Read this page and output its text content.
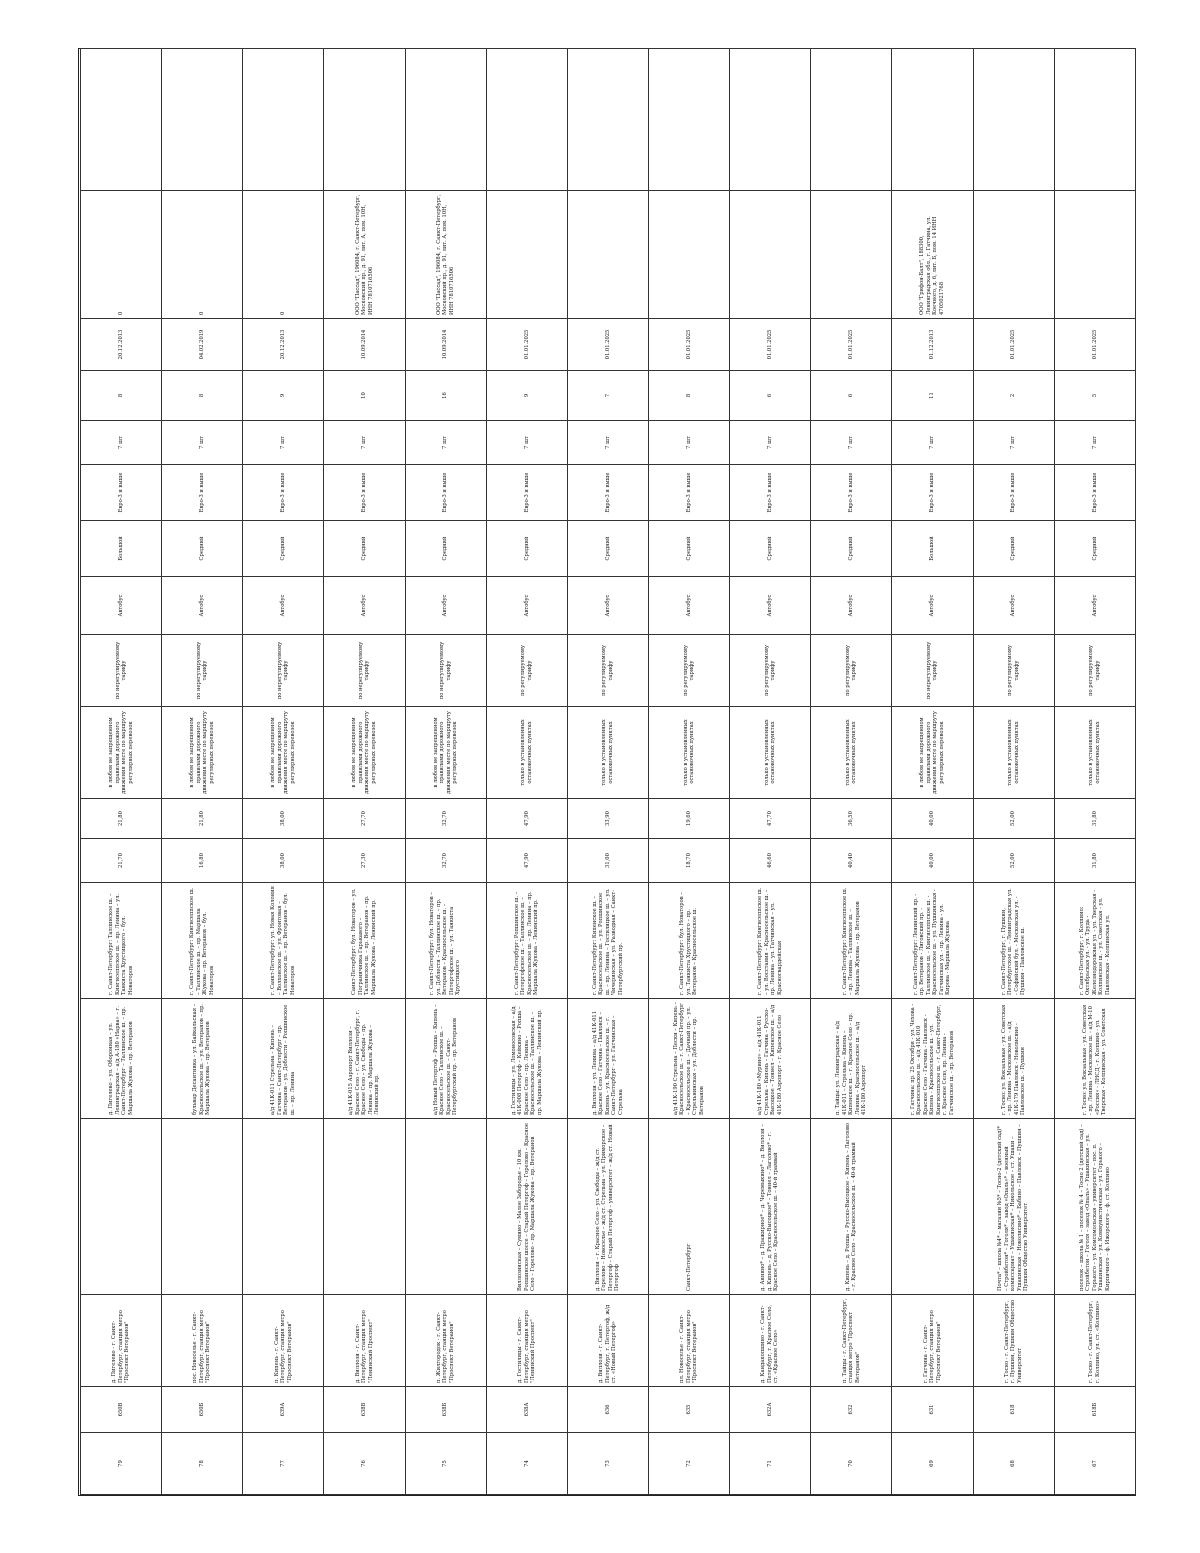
79	650В	д. Пигелево - г. Санкт-Петербург, станция метро "Проспект Ветеранов"		д. Пигелево – ул. Оборонная – ул. Ленинградская – а/д А-180 «Нарва» – г. Санкт-Петербург – Таллинское ш. – пр. Маршала Жукова – пр. Ветеранов	г. Санкт-Петербург: Таллинское ш. – Кингисеппское ш. – пр. Ленина – ул. Танкиста Хрустицкого – бул. Новаторов	21,70	21,80	в любом не запрещенном правилами дорожного движения месте по маршруту регулярных перевозок	по нерегулируемому тарифу	Автобус	Большой	Евро-3 и выше	7 шт	8	20.12.2013	0	
78	650Б	пос. Новоселье - г. Санкт-Петербург, станция метро "Проспект Ветеранов"		бульвар Десантника – ул. Байкальская – Красносельское ш. – ул. Ветеранов – пр. Маршала Жукова – пр. Ветеранов	г. Санкт-Петербург: Кингисеппское ш. – Таллинское ш. – пр. Маршала Жукова – пр. Ветеранов – бул. Новаторов	16,80	21,80	в любом не запрещенном правилами дорожного движения месте по маршруту регулярных перевозок	по нерегулируемому тарифу	Автобус	Средний	Евро-3 и выше	7 шт	8	04.02.2019	0	
77	639А	п. Кипень - г. Санкт-Петербург, станция метро "Проспект Ветеранов"		а/д 41К-011 Стрельна – Кипень – Гатчина – Санкт-Петербург – пр. Ветеранов – ул. Доблести – Ропшинское ш. – пр. Ленина	г. Санкт-Петербург: ул. Новая Колония – Волхонское ш. – ул. Фронтовая – Таллинское ш. – пр. Ветеранов – бул. Новаторов	38,00	38,00	в любом не запрещенном правилами дорожного движения месте по маршруту регулярных перевозок	по нерегулируемому тарифу	Автобус	Средний	Евро-3 и выше	7 шт	9	20.12.2013	0	
76	638В	д. Виллози - г. Санкт-Петербург, станция метро "Ленинский Проспект"		а/д 41К-015 Аэропорт Виллози – Красное Село – г. Санкт-Петербург, г. Красное Село – ул. Свободы – пр. Ленина – пр. Маршала Жукова – Ленинский пр.	Санкт-Петербург: бул. Новаторов – ул. Пограничника Гарькавого – Таллинское ш. – пр. Ветеранов – пр. Маршала Жукова – Ленинский пр.	27,30	27,70	в любом не запрещенном правилами дорожного движения месте по маршруту регулярных перевозок	по нерегулируемому тарифу	Автобус	Средний	Евро-3 и выше	7 шт	10	10.09.2014	ООО "Пассад", 196084, г. Санкт-Петербург, Московский пр., д. 91, лит. А, пом. 10Н, ИНН 7810716506	
75	638Б	п. Жилгородок - г. Санкт-Петербург, станция метро "Проспект Ветеранов"		а/д Новый Петергоф – Ропша – Кипень – Красное Село – Таллинское ш. – Красносельское ш. – Санкт-Петербургский пр. – пр. Ветеранов	г. Санкт-Петербург: бул. Новаторов – ул. Доблести – Таллинское ш. – пр. Ветеранов – Красносельское ш. – Петергофское ш. – ул. Танкиста Хрустицкого	32,70	32,70	в любом не запрещенном правилами дорожного движения месте по маршруту регулярных перевозок	по нерегулируемому тарифу	Автобус	Средний	Евро-3 и выше	7 шт	16	10.09.2014	ООО "Пассад", 196084, г. Санкт-Петербург, Московский пр., д. 91, лит. А, пом. 10Н, ИНН 7810716506	
74	638А	д. Гостилицы - г. Санкт-Петербург, станция метро "Ленинский Проспект"	Виллозинская – Сумино – Малое Забородье – 10 км. Ропшинское шоссе – Старый Петергоф – Горелово – Красное Село – Горелово – пр. Маршала Жукова – пр. Ветеранов	д. Гостилицы – ул. Ломоносовская – а/д 41К-008 Петергоф – Кейкино – Ропша – Красное Село – пр. Ленина – Красносельское ш. – Таллинское ш. – пр. Маршала Жукова – Ленинский пр.	г. Санкт-Петербург: Ропшинское ш. – Петергофское ш. – Таллинское ш. – Красносельское ш. – пр. Ленина – пр. Маршала Жукова – Ленинский пр.	47,90	47,90	только в установленных остановочных пунктах	по регулируемому тарифу	Автобус	Средний	Евро-3 и выше	7 шт	9	01.01.2025		
73	636	д. Виллози - г. Санкт-Петербург, г. Петергоф, ж/д ст. «Новый Петергоф»	д. Виллози – г. Красное Село – ул. Свободы – ж/д ст. Горелово – Новоселье – ж/д ст. Стрельна – ул. Приморское – Петергоф – Старый Петергоф – университет – ж/д ст. Новый Петергоф	д. Виллози – ул. Ленина – а/д 41К-011 Красное Село – Гатчина – Павловск – Кипень – ул. Красносельское ш. – г. Санкт-Петербург – ул. Гатчинская – Стрельна	г. Санкт-Петербург: Кипенское ш. – Красносельское ш. – ул. Ропшинское ш. – пр. Ленина – Гостилицкое ш. – ул. Чичеринская – ул. Разводная – Санкт-Петербургский пр.	31,00	33,90	только в установленных остановочных пунктах	по регулируемому тарифу	Автобус	Средний	Евро-3 и выше	7 шт	7	01.01.2025		
72	635	пл. Новоселье - г. Санкт-Петербург, станция метро "Проспект Ветеранов"	Санкт-Петербург	а/д 41К-190 Стрельна – Пески – Кипень – Красносельское ш. – г. Санкт-Петербург – Красносельское ш. – Дачный пр. – ул. Стрельнинская – ул. Доблести – пр. Ветеранов	г. Санкт-Петербург: бул. Новаторов – ул. Танкиста Хрустицкого – пр. Ветеранов – Красносельское ш.	18,70	19,60	только в установленных остановочных пунктах	по регулируемому тарифу	Автобус	Средний	Евро-3 и выше	7 шт	8	01.01.2025		
71	632А	д. Кандакопшино - г. Санкт-Петербург, г. Красное Село, ст. «Красное Село»	д. Аннино* – д. Пражирное* – д. Черемыкино* – д. Виллози – д. Кипень – д. Русско-Высоцкое* – Тоннел – Лаголово* – г. Красное Село – Красносельское ш. – 40-й трамвай	а/д 41К-180 «Мурино» – а/д 41К-011 Стрельна – Кипень – Гатчина – Русско-Высоцкое – Тоннел – Кипенское ш. – а/д 41К-180 Аэропорт – г. Красное Село	г. Санкт-Петербург: Кингисеппское ш. – ул. Восстания – Красносельское ш. – пр. Ленина – ул. Гатчинская – ул. Красногвардейская	46,60	47,70	только в установленных остановочных пунктах	по регулируемому тарифу	Автобус	Средний	Евро-3 и выше	7 шт	6	01.01.2025		
70	632	п. Тайцы - г. Санкт-Петербург, станция метро "Проспект Ветеранов"	д. Кипень – д. Ропша – Русско-Высоцкое – Кипень – Лаголово – г. Красное Село – Красносельское ш. – 40-й трамвай	п. Тайцы: ул. Ленинградская – а/д 41К-011 – Стрельна – Кипень – Кипенское ш. – г. Красное Село – пр. Ленина – Красносельское ш. – а/д 41К-180 Аэропорт	г. Санкт-Петербург: Кингисеппское ш. – пр. Ленина – Таллинское ш. – Маршала Жукова – пр. Ветеранов	40,40	36,50	только в установленных остановочных пунктах	по регулируемому тарифу	Автобус	Средний	Евро-3 и выше	7 шт	6	01.01.2025		
69	631	г. Гатчина - г. Санкт-Петербург, станция метро "Проспект Ветеранов"		г. Гатчина: пр. 25 Октября - ул. Чехова - Красносельское ш. - а/д 41К-010 Красное Село - Гатчина - Павловск - Кипень - Красносельское ш. - ул. Кингисеппское ш. - г. Санкт-Петербург, г. Красное Село, пр. Ленина - Гатчинское ш. - пр. Ветеранов	г. Санкт-Петербург: Ленинский пр. - пр. Ветеранов - Лиговский пр. - Таллинское ш. - Кингисеппское ш. - Красносельское ш. - ул. Пушкинская - Гатчинская ул. - пр. Ленина - ул. Кирова - Маршала Жукова	40,00	40,00	в любом не запрещенном правилами дорожного движения месте по маршруту регулярных перевозок	по нерегулируемому тарифу	Автобус	Большой	Евро-3 и выше	7 шт	11	01.12.2013	ООО "Грифон-Балт", 188300, Ленинградская обл., г. Гатчина, ул. Коечного, д. 6, лит. Б, пом. 14 ИНН 4705021768	
68	618	г. Тосно - г. Санкт-Петербург, г. Пушкин, Пушкин Общество Университет	Почта* – школа №4* – магазин №5* – Тосно-2 (детский сад)* – Стройбетон* – Гоголя* – завод «Опаль»* – военный комиссариат – Ушакинская* – Никольское – ст. Ушаки – Ушакинская – Новолисино* – Бабино – Павловск – Пушкин – Пушкин Общество Университет	г. Тосно: ул. Вокзальная - ул. Советская - пр. Ленина - Московское ш. - а/д 41К-179 Павловск - Новолисино - Павловское ш. - Пушкин	г. Санкт-Петербург, г. Пушкин, Петербургское ш. - Ленинградская ул. - Софийский бул. - Московская ул. - Пушкин - Павловское ш.	52,00	52,00	только в установленных остановочных пунктах	по регулируемому тарифу	Автобус	Средний	Евро-3 и выше	7 шт	2	01.01.2025		
67	618Б	г. Тосно - г. Санкт-Петербург, г. Колпино, ул. ст. «Колпино»	поселок – школа № 1 – поселок № 4 – Тосно 2 (детский сад) – Стройбетон – Гоголя – завод «Опаль» – Ушакинская – ул. Горького – ул. Комсомольская – университет – пос. п. Ушакинская – ул. Коммунистическая – ул. Горького – Кирпичного – ф. Ижорского – ф. ст. Колпино	г. Тосно: ул. Вокзальная - ул. Советская - пр. Ленина - Московское ш. - а/д М-10 «Россия» - ЛНСД - г. Колпино - ул. Тверская - Колпинская - ул. Советская	г. Санкт-Петербург, г. Колпино: Октябрьская ул. - ул. Труда - Железнодорожная ул. - ул. Тверская - Колпинское ш. - ул. Советская - ул. Павловская - Колпинская ул.	31,80	31,80	только в установленных остановочных пунктах	по регулируемому тарифу	Автобус	Средний	Евро-3 и выше	7 шт	5	01.01.2025		
